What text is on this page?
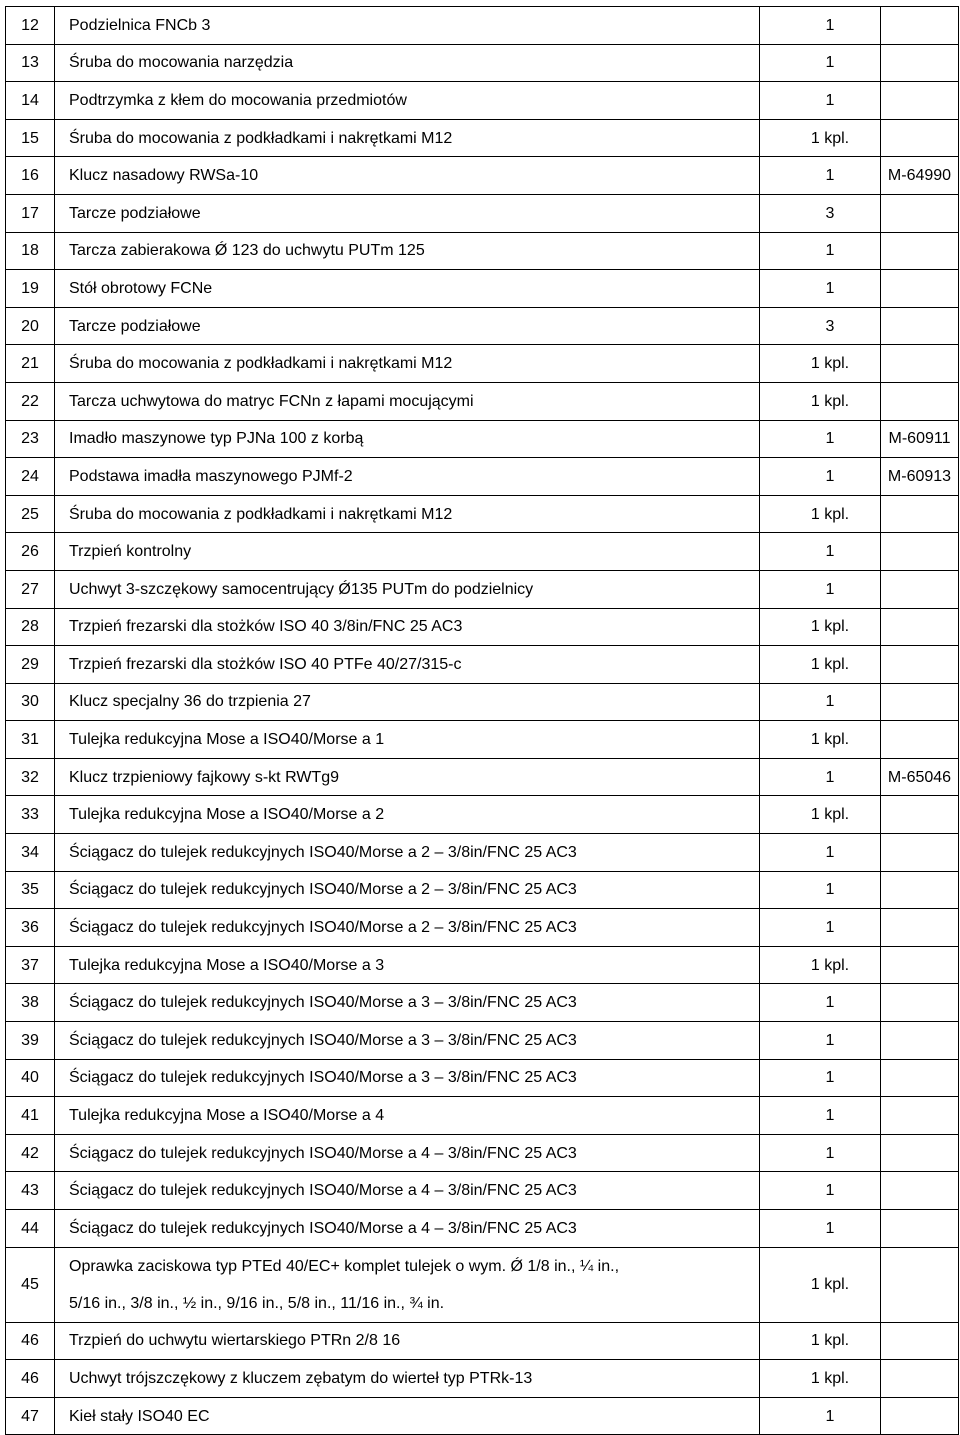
12	Podzielnica FNCb 3	1	
13	Śruba do mocowania narzędzia	1	
14	Podtrzymka z kłem do mocowania przedmiotów	1	
15	Śruba do mocowania z podkładkami i nakrętkami M12	1 kpl.	
16	Klucz nasadowy RWSa-10	1	M-64990
17	Tarcze podziałowe	3	
18	Tarcza zabierakowa Ǿ 123 do uchwytu PUTm 125	1	
19	Stół obrotowy FCNe	1	
20	Tarcze podziałowe	3	
21	Śruba do mocowania z podkładkami i nakrętkami M12	1 kpl.	
22	Tarcza uchwytowa do matryc FCNn z łapami mocującymi	1 kpl.	
23	Imadło maszynowe typ PJNa 100 z korbą	1	M-60911
24	Podstawa imadła maszynowego PJMf-2	1	M-60913
25	Śruba do mocowania z podkładkami i nakrętkami M12	1 kpl.	
26	Trzpień kontrolny	1	
27	Uchwyt 3-szczękowy samocentrujący Ǿ135 PUTm do podzielnicy	1	
28	Trzpień frezarski dla stożków ISO 40 3/8in/FNC 25 AC3	1 kpl.	
29	Trzpień frezarski dla stożków ISO 40 PTFe 40/27/315-c	1 kpl.	
30	Klucz specjalny 36 do trzpienia 27	1	
31	Tulejka redukcyjna Mose a ISO40/Morse a 1	1 kpl.	
32	Klucz trzpieniowy fajkowy s-kt RWTg9	1	M-65046
33	Tulejka redukcyjna Mose a ISO40/Morse a 2	1 kpl.	
34	Ściągacz do tulejek redukcyjnych ISO40/Morse a 2 – 3/8in/FNC 25 AC3	1	
35	Ściągacz do tulejek redukcyjnych ISO40/Morse a 2 – 3/8in/FNC 25 AC3	1	
36	Ściągacz do tulejek redukcyjnych ISO40/Morse a 2 – 3/8in/FNC 25 AC3	1	
37	Tulejka redukcyjna Mose a ISO40/Morse a 3	1 kpl.	
38	Ściągacz do tulejek redukcyjnych ISO40/Morse a 3 – 3/8in/FNC 25 AC3	1	
39	Ściągacz do tulejek redukcyjnych ISO40/Morse a 3 – 3/8in/FNC 25 AC3	1	
40	Ściągacz do tulejek redukcyjnych ISO40/Morse a 3 – 3/8in/FNC 25 AC3	1	
41	Tulejka redukcyjna Mose a ISO40/Morse a 4	1	
42	Ściągacz do tulejek redukcyjnych ISO40/Morse a 4 – 3/8in/FNC 25 AC3	1	
43	Ściągacz do tulejek redukcyjnych ISO40/Morse a 4 – 3/8in/FNC 25 AC3	1	
44	Ściągacz do tulejek redukcyjnych ISO40/Morse a 4 – 3/8in/FNC 25 AC3	1	
45	Oprawka zaciskowa typ PTEd 40/EC+ komplet tulejek o wym. Ǿ 1/8 in., ¼ in.,
5/16 in., 3/8 in., ½ in., 9/16 in., 5/8 in., 11/16 in., ¾ in.	1 kpl.	
46	Trzpień do uchwytu wiertarskiego PTRn 2/8 16	1 kpl.	
46	Uchwyt trójszczękowy z kluczem zębatym do wierteł typ PTRk-13	1 kpl.	
47	Kieł stały ISO40 EC	1	
